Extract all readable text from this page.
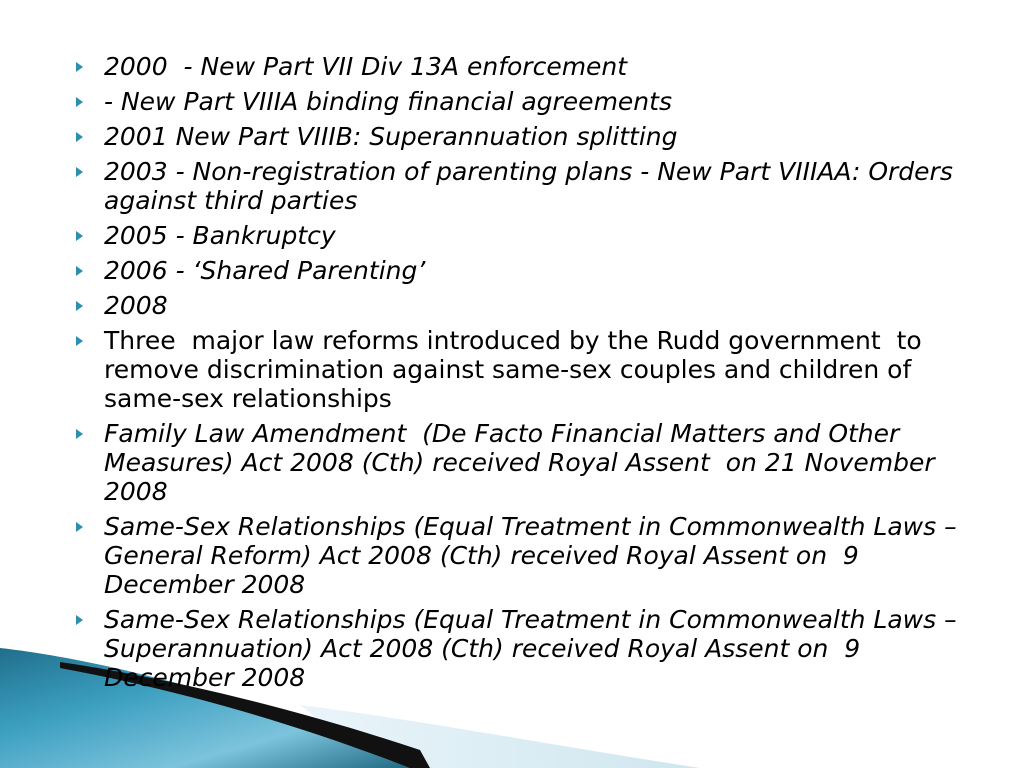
2000  - New Part VII Div 13A enforcement
- New Part VIIIA binding financial agreements
2001 New Part VIIIB: Superannuation splitting
2003 - Non-registration of parenting plans - New Part VIIIAA: Orders against third parties
2005 - Bankruptcy
2006 - ‘Shared Parenting’
2008
Three  major law reforms introduced by the Rudd government  to remove discrimination against same-sex couples and children of same-sex relationships
Family Law Amendment  (De Facto Financial Matters and Other Measures) Act 2008 (Cth) received Royal Assent  on 21 November 2008
Same-Sex Relationships (Equal Treatment in Commonwealth Laws – General Reform) Act 2008 (Cth) received Royal Assent on  9 December 2008
Same-Sex Relationships (Equal Treatment in Commonwealth Laws – Superannuation) Act 2008 (Cth) received Royal Assent on  9 December 2008
